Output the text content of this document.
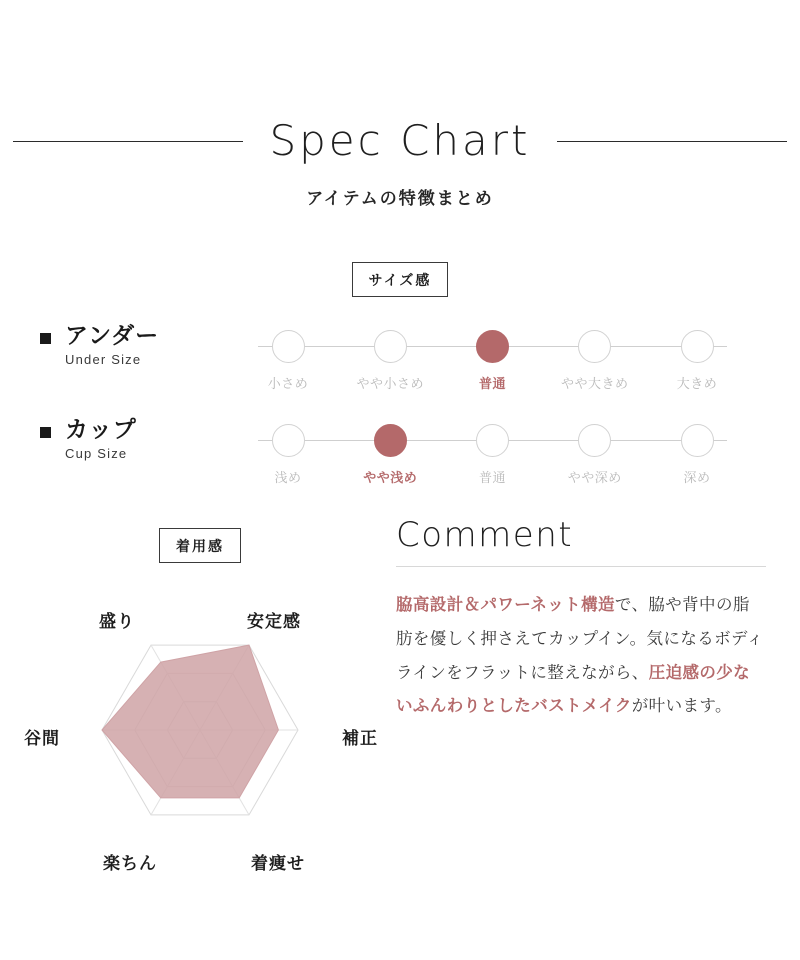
Spec Chart
アイテムの特徴まとめ
サイズ感
アンダー
Under Size
小さめ	やや小さめ	普通	やや大きめ	大きめ
カップ
Cup Size
浅め	やや浅め	普通	やや深め	深め
着用感
安定感
補正
着痩せ
楽ちん
谷間
盛り
Comment
脇高設計＆パワーネット構造で、脇や背中の脂肪を優しく押さえてカップイン。気になるボディラインをフラットに整えながら、圧迫感の少ないふんわりとしたバストメイクが叶います。
